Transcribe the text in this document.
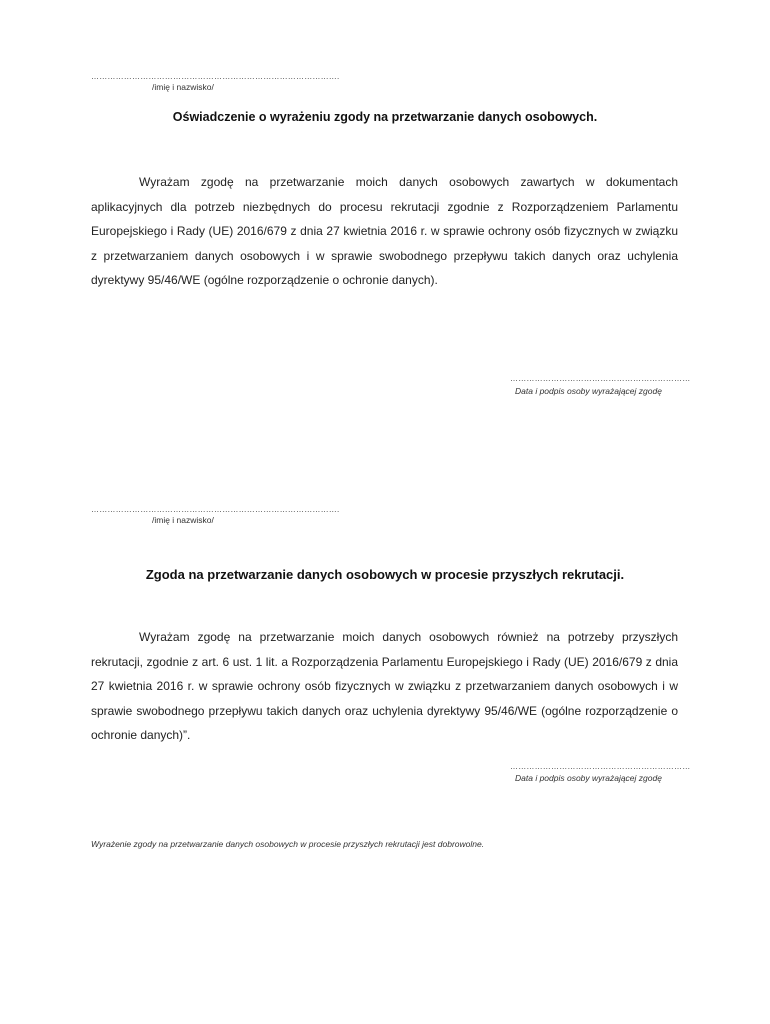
……………………………………………………………………………….
/imię i nazwisko/
Oświadczenie o wyrażeniu zgody na przetwarzanie danych osobowych.

Wyrażam zgodę na przetwarzanie moich danych osobowych zawartych w dokumentach aplikacyjnych dla potrzeb niezbędnych do procesu rekrutacji zgodnie z Rozporządzeniem Parlamentu Europejskiego i Rady (UE) 2016/679 z dnia 27 kwietnia 2016 r. w sprawie ochrony osób fizycznych w związku z przetwarzaniem danych osobowych i w sprawie swobodnego przepływu takich danych oraz uchylenia dyrektywy 95/46/WE (ogólne rozporządzenie o ochronie danych).

…………………………………………………………
Data i podpis osoby wyrażającej zgodę
……………………………………………………………………………….
/imię i nazwisko/
Zgoda na przetwarzanie danych osobowych w procesie przyszłych rekrutacji.

Wyrażam zgodę na przetwarzanie moich danych osobowych również na potrzeby przyszłych rekrutacji, zgodnie z art. 6 ust. 1 lit. a Rozporządzenia Parlamentu Europejskiego i Rady (UE) 2016/679 z dnia 27 kwietnia 2016 r. w sprawie ochrony osób fizycznych w związku z przetwarzaniem danych osobowych i w sprawie swobodnego przepływu takich danych oraz uchylenia dyrektywy 95/46/WE (ogólne rozporządzenie o ochronie danych)”.

…………………………………………………………
Data i podpis osoby wyrażającej zgodę
Wyrażenie zgody na przetwarzanie danych osobowych w procesie przyszłych rekrutacji jest dobrowolne.
